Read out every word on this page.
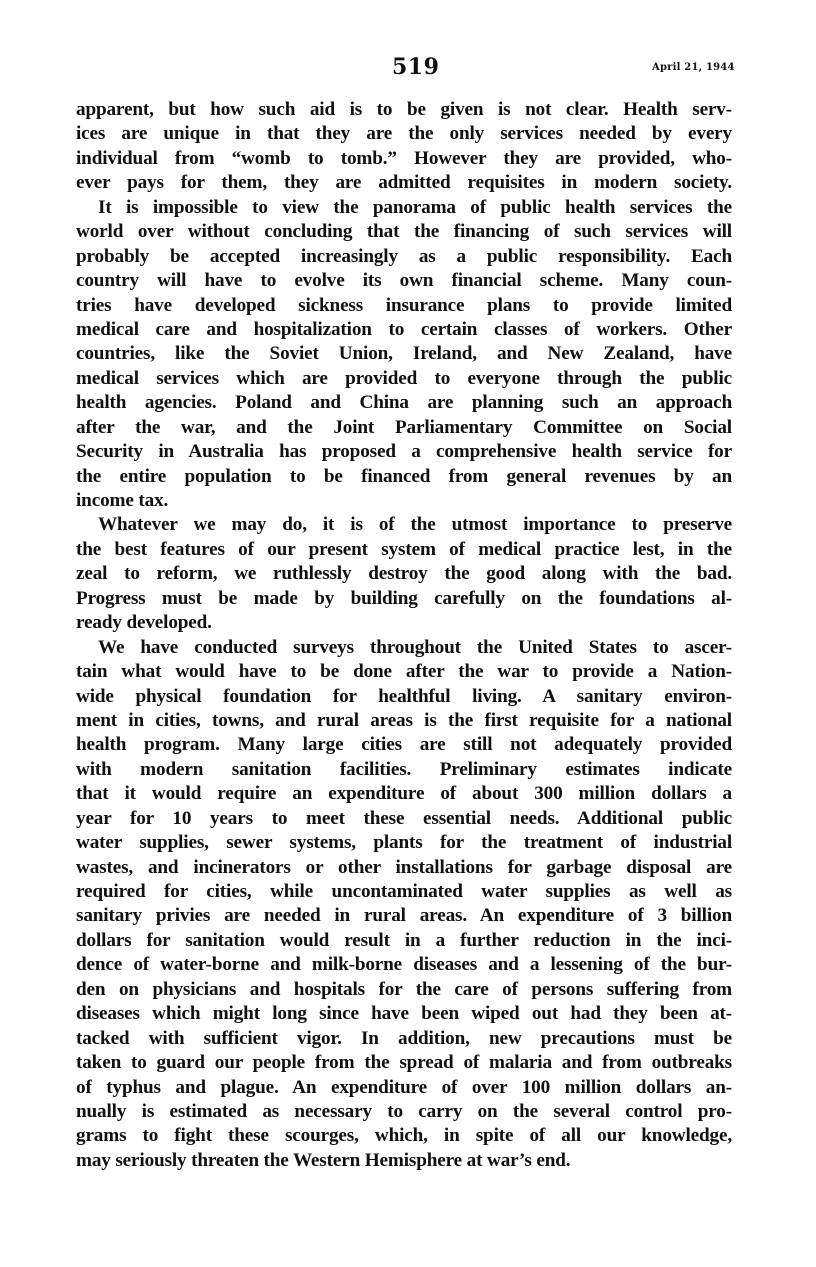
519	April 21, 1944
apparent, but how such aid is to be given is not clear. Health serv-
ices are unique in that they are the only services needed by every
individual from “womb to tomb.” However they are provided, who-
ever pays for them, they are admitted requisites in modern society.
It is impossible to view the panorama of public health services the
world over without concluding that the financing of such services will
probably be accepted increasingly as a public responsibility. Each
country will have to evolve its own financial scheme. Many coun-
tries have developed sickness insurance plans to provide limited
medical care and hospitalization to certain classes of workers. Other
countries, like the Soviet Union, Ireland, and New Zealand, have
medical services which are provided to everyone through the public
health agencies. Poland and China are planning such an approach
after the war, and the Joint Parliamentary Committee on Social
Security in Australia has proposed a comprehensive health service for
the entire population to be financed from general revenues by an
income tax.
Whatever we may do, it is of the utmost importance to preserve
the best features of our present system of medical practice lest, in the
zeal to reform, we ruthlessly destroy the good along with the bad.
Progress must be made by building carefully on the foundations al-
ready developed.
We have conducted surveys throughout the United States to ascer-
tain what would have to be done after the war to provide a Nation-
wide physical foundation for healthful living. A sanitary environ-
ment in cities, towns, and rural areas is the first requisite for a national
health program. Many large cities are still not adequately provided
with modern sanitation facilities. Preliminary estimates indicate
that it would require an expenditure of about 300 million dollars a
year for 10 years to meet these essential needs. Additional public
water supplies, sewer systems, plants for the treatment of industrial
wastes, and incinerators or other installations for garbage disposal are
required for cities, while uncontaminated water supplies as well as
sanitary privies are needed in rural areas. An expenditure of 3 billion
dollars for sanitation would result in a further reduction in the inci-
dence of water-borne and milk-borne diseases and a lessening of the bur-
den on physicians and hospitals for the care of persons suffering from
diseases which might long since have been wiped out had they been at-
tacked with sufficient vigor. In addition, new precautions must be
taken to guard our people from the spread of malaria and from outbreaks
of typhus and plague. An expenditure of over 100 million dollars an-
nually is estimated as necessary to carry on the several control pro-
grams to fight these scourges, which, in spite of all our knowledge,
may seriously threaten the Western Hemisphere at war’s end.
